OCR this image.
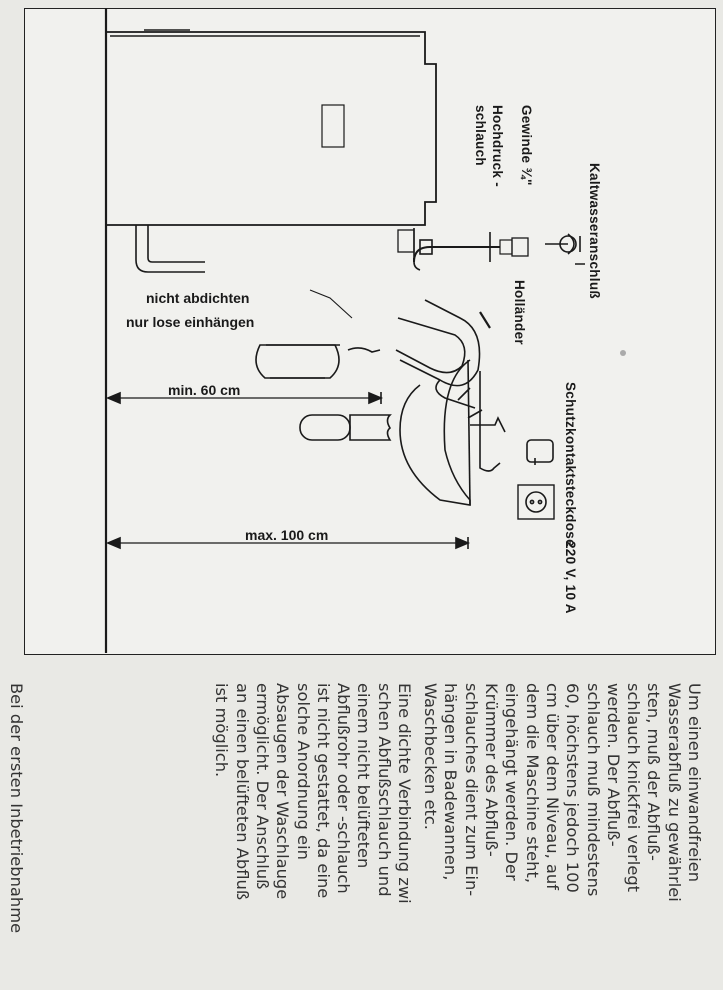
Kaltwasseranschluß
Gewinde ¾"
Hochdruck -
schlauch
Holländer
Schutzkontaktsteckdose
220 V, 10 A
nicht abdichten
nur lose einhängen
min. 60 cm
max. 100 cm
Um einen einwandfreien
Wasserabfluß zu gewährlei
sten, muß der Abfluß-
schlauch knickfrei verlegt
werden. Der Abfluß-
schlauch muß mindestens
60, höchstens jedoch 100
cm über dem Niveau, auf
dem die Maschine steht,
eingehängt werden. Der
Krümmer des Abfluß-
schlauches dient zum Ein-
hängen in Badewannen,
Waschbecken etc.
Eine dichte Verbindung zwi
schen Abflußschlauch und
einem nicht belüfteten
Abflußrohr oder -schlauch
ist nicht gestattet, da eine
solche Anordnung ein
Absaugen der Waschlauge
ermöglicht. Der Anschluß
an einen belüfteten Abfluß
ist möglich.
Bei der ersten Inbetriebnahme
